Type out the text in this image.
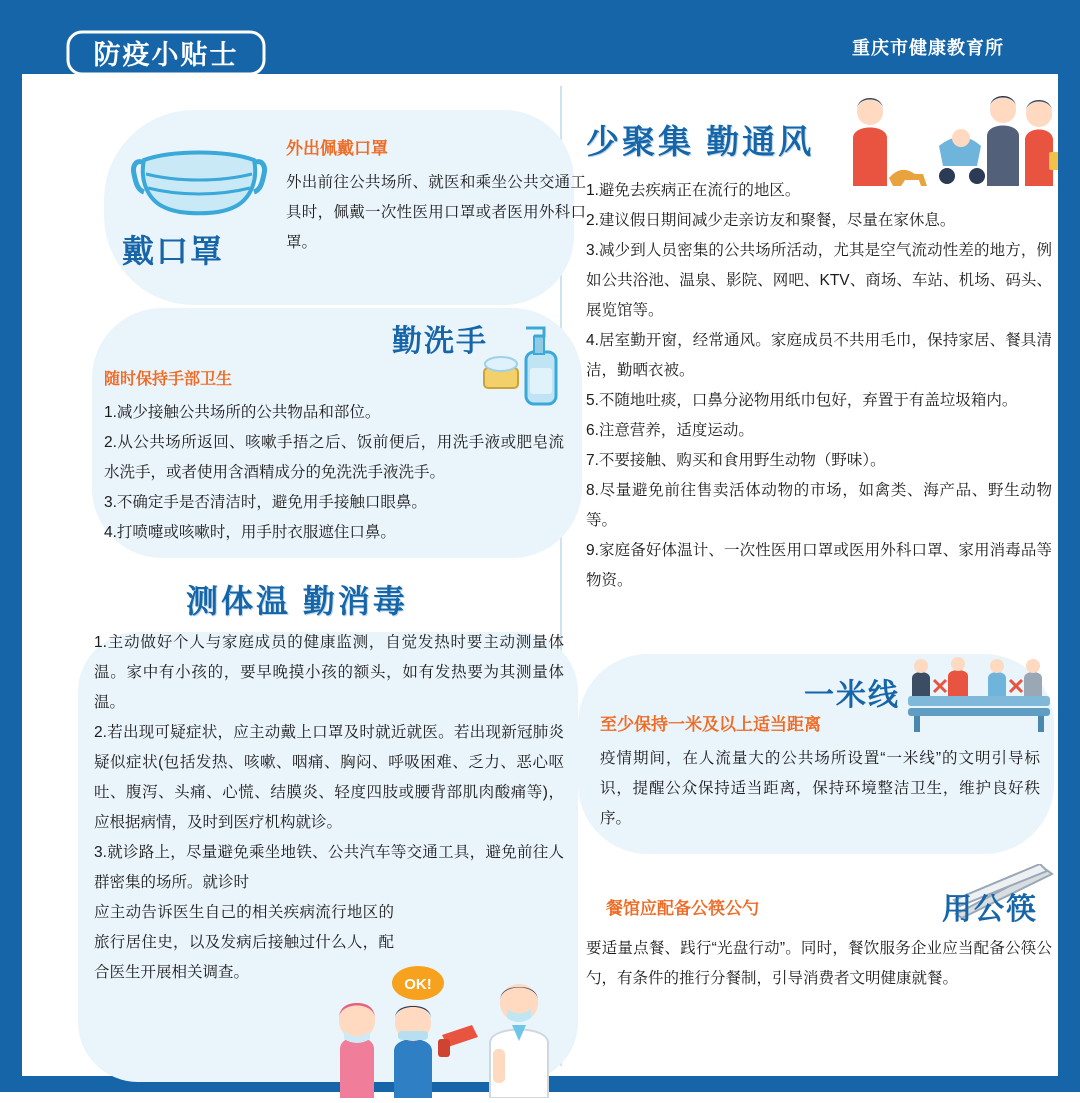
防疫小贴士	重庆市健康教育所
戴口罩
外出佩戴口罩
外出前往公共场所、就医和乘坐公共交通工具时，佩戴一次性医用口罩或者医用外科口罩。
随时保持手部卫生
勤洗手

1.减少接触公共场所的公共物品和部位。

2.从公共场所返回、咳嗽手捂之后、饭前便后，用洗手液或肥皂流水洗手，或者使用含酒精成分的免洗洗手液洗手。

3.不确定手是否清洁时，避免用手接触口眼鼻。

4.打喷嚏或咳嗽时，用手肘衣服遮住口鼻。

测体温 勤消毒

1.主动做好个人与家庭成员的健康监测，自觉发热时要主动测量体温。家中有小孩的，要早晚摸小孩的额头，如有发热要为其测量体温。

2.若出现可疑症状，应主动戴上口罩及时就近就医。若出现新冠肺炎疑似症状(包括发热、咳嗽、咽痛、胸闷、呼吸困难、乏力、恶心呕吐、腹泻、头痛、心慌、结膜炎、轻度四肢或腰背部肌肉酸痛等)，应根据病情，及时到医疗机构就诊。

3.就诊路上，尽量避免乘坐地铁、公共汽车等交通工具，避免前往人群密集的场所。就诊时

应主动告诉医生自己的相关疾病流行地区的旅行居住史，以及发病后接触过什么人，配合医生开展相关调查。

OK!
少聚集 勤通风

1.避免去疾病正在流行的地区。

2.建议假日期间减少走亲访友和聚餐，尽量在家休息。

3.减少到人员密集的公共场所活动，尤其是空气流动性差的地方，例如公共浴池、温泉、影院、网吧、KTV、商场、车站、机场、码头、展览馆等。

4.居室勤开窗，经常通风。家庭成员不共用毛巾，保持家居、餐具清洁，勤晒衣被。

5.不随地吐痰，口鼻分泌物用纸巾包好，弃置于有盖垃圾箱内。

6.注意营养，适度运动。

7.不要接触、购买和食用野生动物（野味）。

8.尽量避免前往售卖活体动物的市场，如禽类、海产品、野生动物等。

9.家庭备好体温计、一次性医用口罩或医用外科口罩、家用消毒品等物资。

一米线
至少保持一米及以上适当距离
疫情期间，在人流量大的公共场所设置“一米线”的文明引导标识，提醒公众保持适当距离，保持环境整洁卫生，维护良好秩序。
用公筷
餐馆应配备公筷公勺
要适量点餐、践行“光盘行动”。同时，餐饮服务企业应当配备公筷公勺，有条件的推行分餐制，引导消费者文明健康就餐。
